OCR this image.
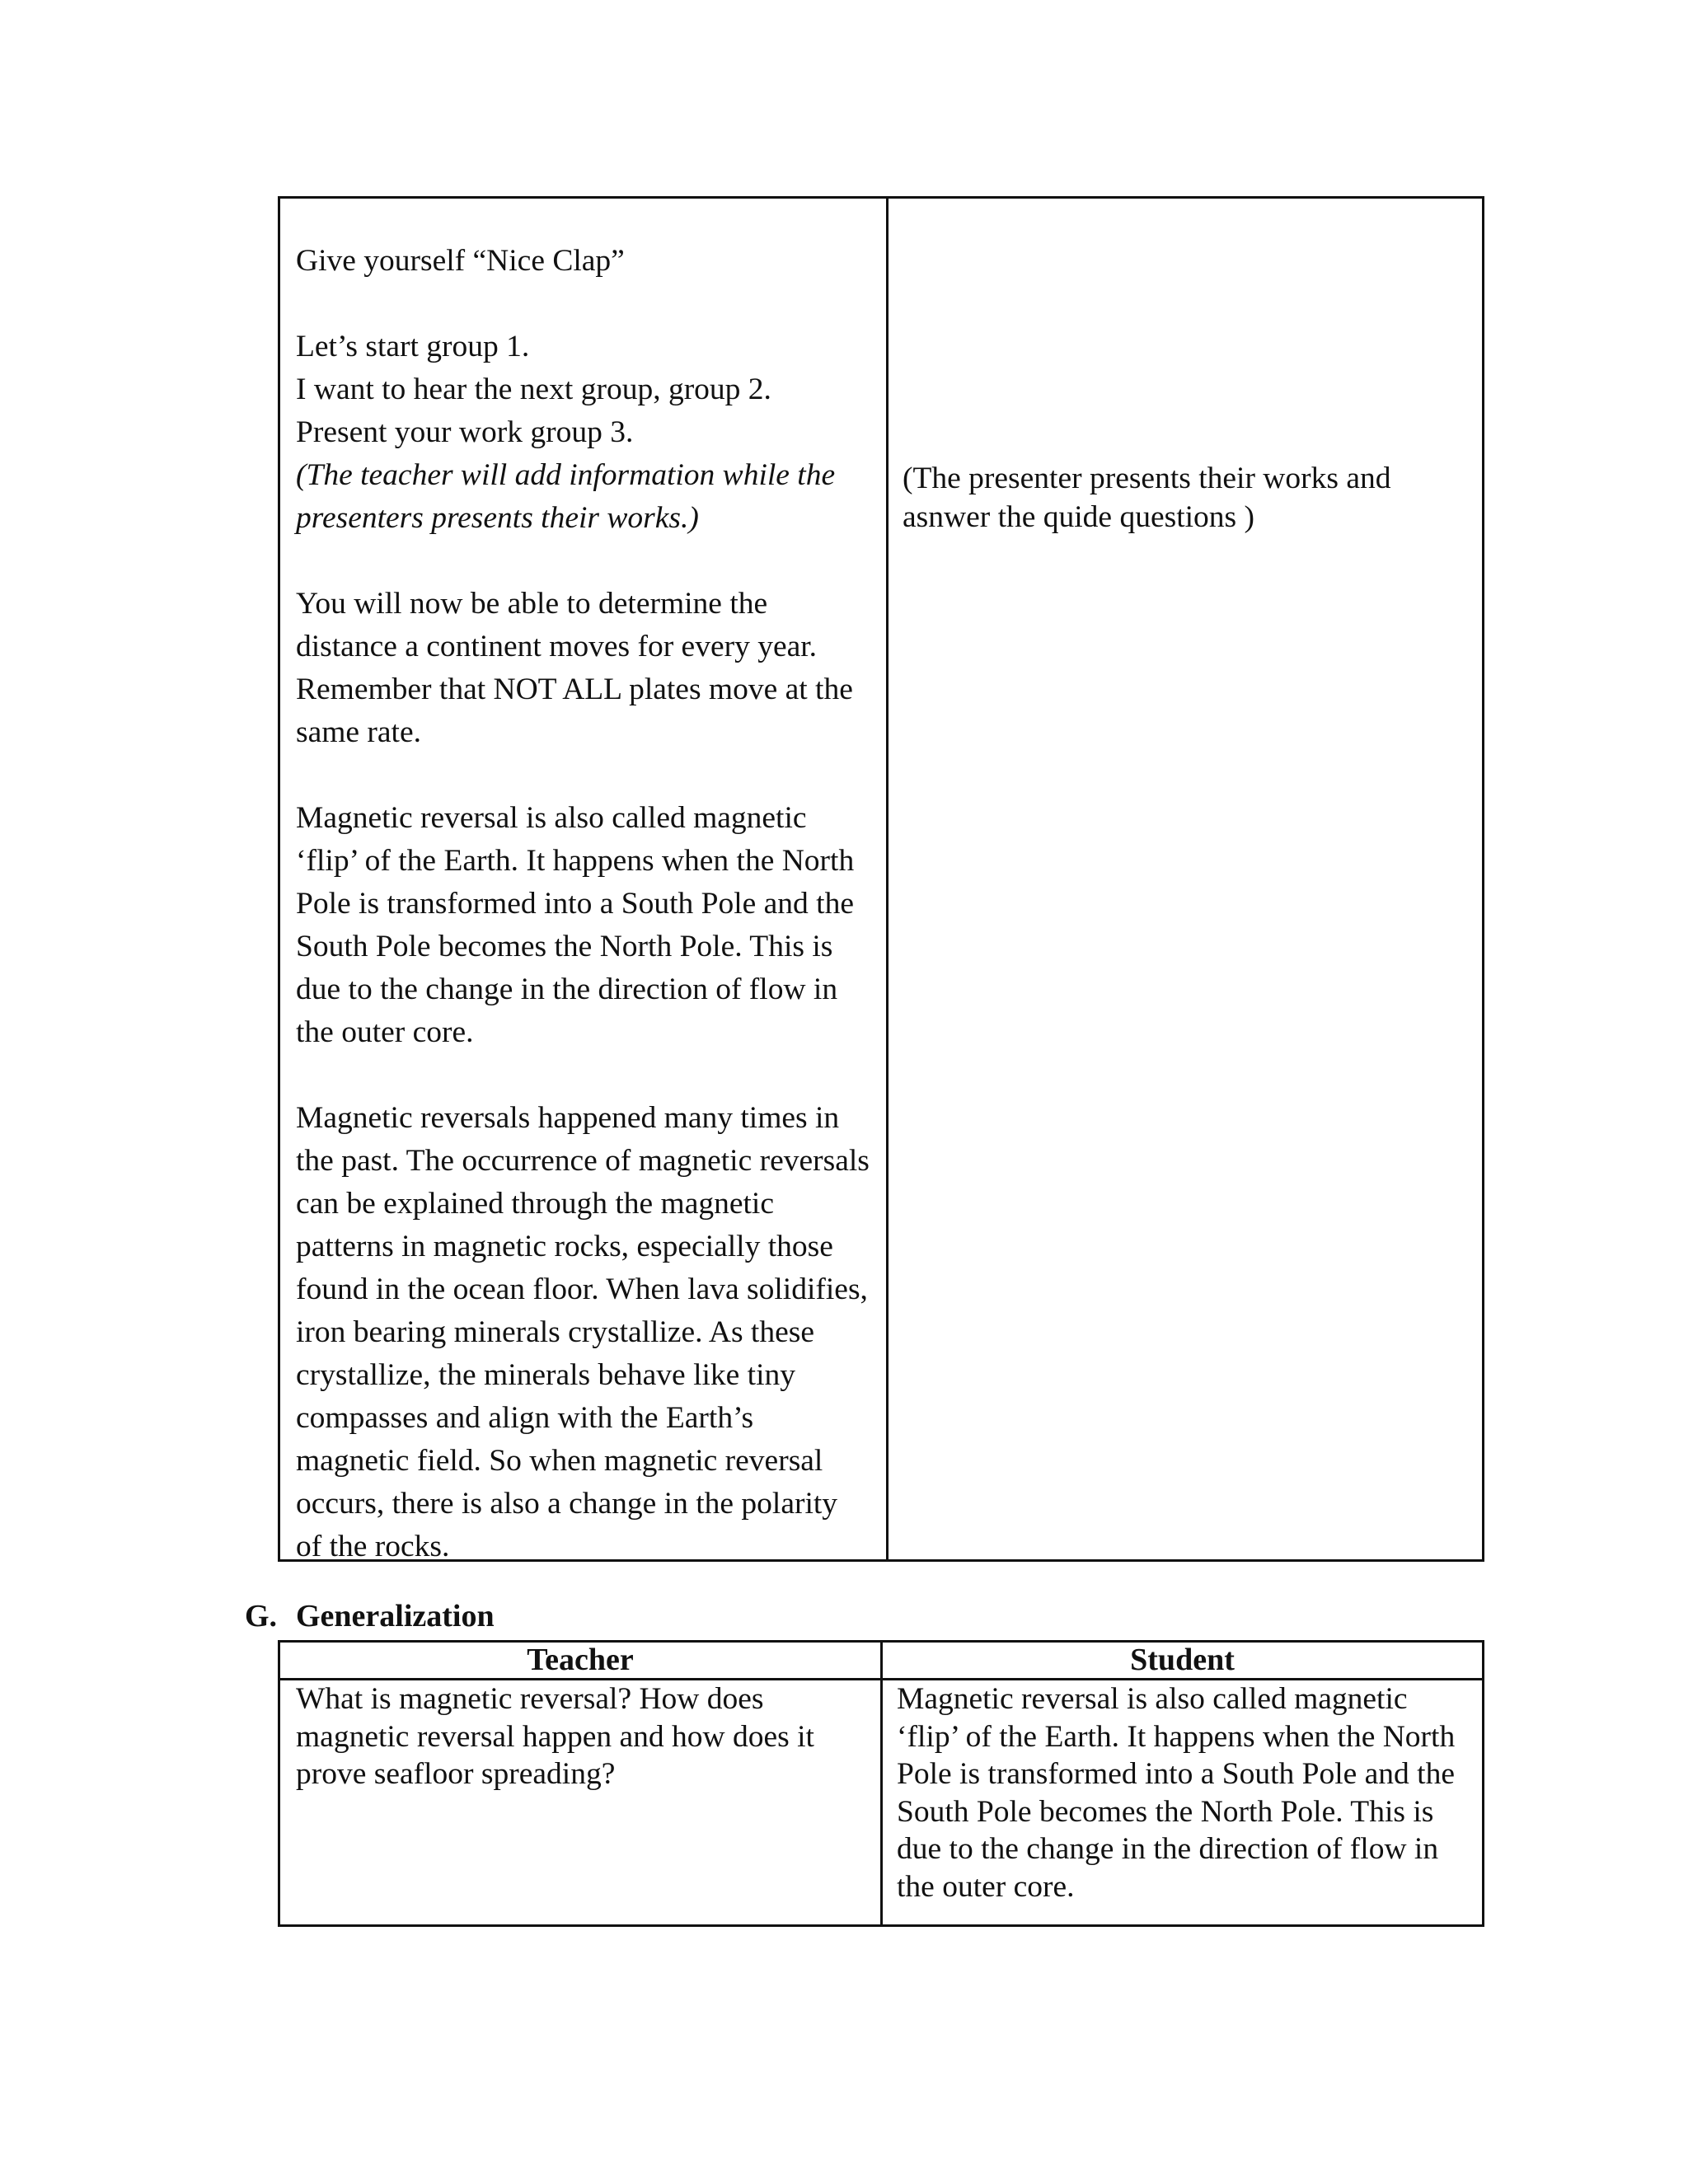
Give yourself “Nice Clap”

Let’s start group 1.

I want to hear the next group, group 2.

Present your work group 3.

(The teacher will add information while the presenters presents their works.)

You will now be able to determine the distance a continent moves for every year. Remember that NOT ALL plates move at the same rate.

Magnetic reversal is also called magnetic ‘flip’ of the Earth. It happens when the North Pole is transformed into a South Pole and the South Pole becomes the North Pole. This is due to the change in the direction of flow in the outer core.

Magnetic reversals happened many times in the past. The occurrence of magnetic reversals can be explained through the magnetic patterns in magnetic rocks, especially those found in the ocean floor. When lava solidifies, iron bearing minerals crystallize. As these crystallize, the minerals behave like tiny compasses and align with the Earth’s magnetic field. So when magnetic reversal occurs, there is also a change in the polarity of the rocks.

(The presenter presents their works and asnwer the quide questions )

G. Generalization
Teacher	Student
What is magnetic reversal? How does magnetic reversal happen and how does it prove seafloor spreading?
Magnetic reversal is also called magnetic ‘flip’ of the Earth. It happens when the North Pole is transformed into a South Pole and the South Pole becomes the North Pole. This is due to the change in the direction of flow in the outer core.
